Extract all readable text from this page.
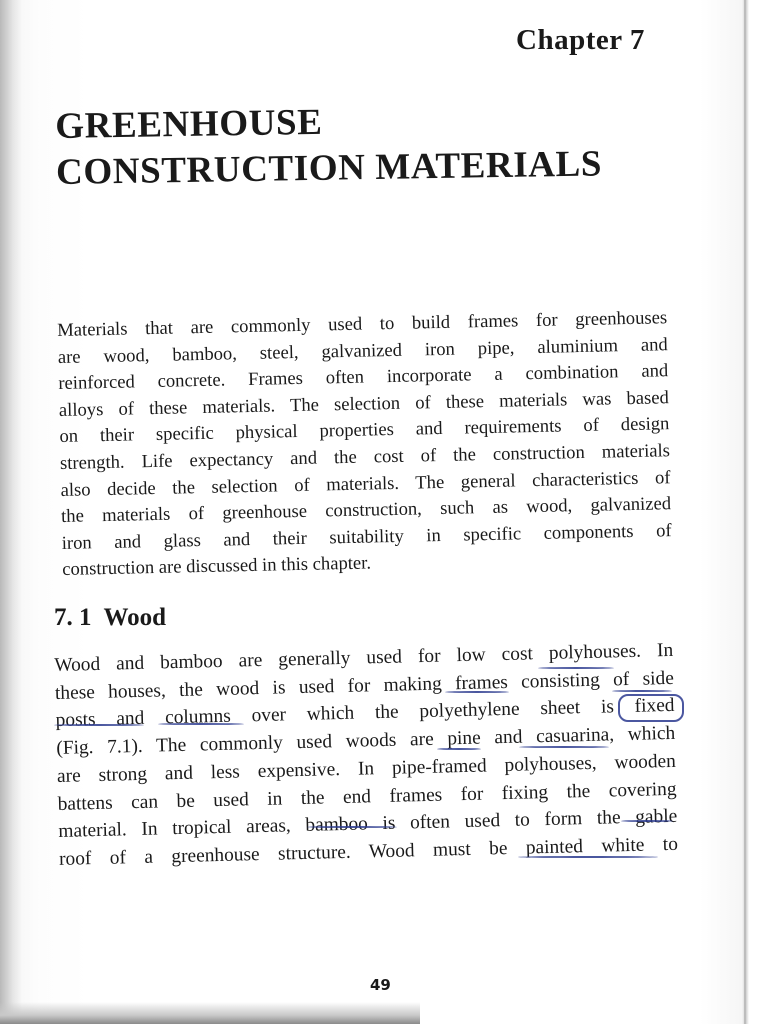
Chapter 7
GREENHOUSE
CONSTRUCTION MATERIALS

Materials that are commonly used to build frames for greenhouses
are wood, bamboo, steel, galvanized iron pipe, aluminium and
reinforced concrete. Frames often incorporate a combination and
alloys of these materials. The selection of these materials was based
on their specific physical properties and requirements of design
strength. Life expectancy and the cost of the construction materials
also decide the selection of materials. The general characteristics of
the materials of greenhouse construction, such as wood, galvanized
iron and glass and their suitability in specific components of
construction are discussed in this chapter.

7. 1 Wood

Wood and bamboo are generally used for low cost polyhouses. In
these houses, the wood is used for making frames consisting of side
posts and columns over which the polyethylene sheet is fixed
(Fig. 7.1). The commonly used woods are pine and casuarina, which
are strong and less expensive. In pipe-framed polyhouses, wooden
battens can be used in the end frames for fixing the covering
material. In tropical areas, bamboo is often used to form the gable
roof of a greenhouse structure. Wood must be painted white to

49
